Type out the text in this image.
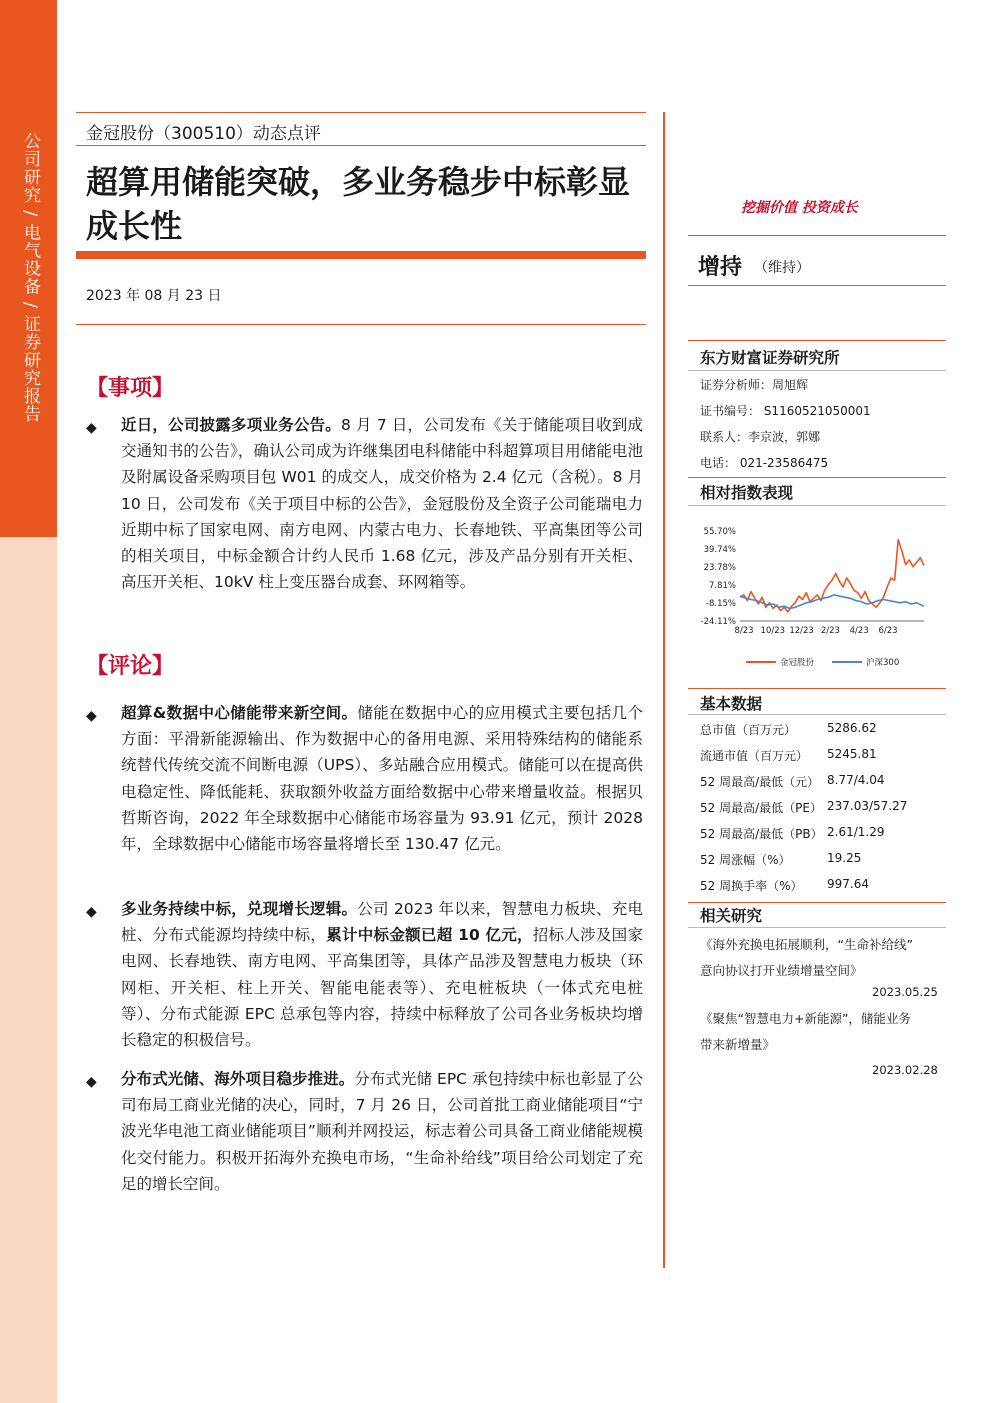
公司研究 / 电气设备 / 证券研究报告	金冠股份（300510）动态点评
超算用储能突破，多业务稳步中标彰显成长性
2023 年 08 月 23 日
【事项】
◆ 近日，公司披露多项业务公告。8 月 7 日，公司发布《关于储能项目收到成交通知书的公告》，确认公司成为许继集团电科储能中科超算项目用储能电池及附属设备采购项目包 W01 的成交人，成交价格为 2.4 亿元（含税）。8 月 10 日，公司发布《关于项目中标的公告》，金冠股份及全资子公司能瑞电力近期中标了国家电网、南方电网、内蒙古电力、长春地铁、平高集团等公司的相关项目，中标金额合计约人民币 1.68 亿元，涉及产品分别有开关柜、高压开关柜、10kV 柱上变压器台成套、环网箱等。
【评论】
◆ 超算&数据中心储能带来新空间。储能在数据中心的应用模式主要包括几个方面：平滑新能源输出、作为数据中心的备用电源、采用特殊结构的储能系统替代传统交流不间断电源（UPS）、多站融合应用模式。储能可以在提高供电稳定性、降低能耗、获取额外收益方面给数据中心带来增量收益。根据贝哲斯咨询，2022 年全球数据中心储能市场容量为 93.91 亿元，预计 2028 年，全球数据中心储能市场容量将增长至 130.47 亿元。
◆ 多业务持续中标，兑现增长逻辑。公司 2023 年以来，智慧电力板块、充电桩、分布式能源均持续中标，累计中标金额已超 10 亿元，招标人涉及国家电网、长春地铁、南方电网、平高集团等，具体产品涉及智慧电力板块（环网柜、开关柜、柱上开关、智能电能表等）、充电桩板块（一体式充电桩等）、分布式能源 EPC 总承包等内容，持续中标释放了公司各业务板块均增长稳定的积极信号。
◆ 分布式光储、海外项目稳步推进。分布式光储 EPC 承包持续中标也彰显了公司布局工商业光储的决心，同时，7 月 26 日，公司首批工商业储能项目“宁波光华电池工商业储能项目”顺利并网投运，标志着公司具备工商业储能规模化交付能力。积极开拓海外充换电市场，“生命补给线”项目给公司划定了充足的增长空间。
挖掘价值 投资成长
增持 （维持）
东方财富证券研究所
证券分析师：周旭辉
证书编号： S1160521050001
联系人：李京波，郭娜
电话： 021-23586475
相对指数表现
55.70%
39.74%
23.78%
7.81%
-8.15%
-24.11%
8/23 10/23 12/23 2/23 4/23 6/23
金冠股份	沪深300
基本数据
总市值（百万元）	5286.62
流通市值（百万元） 5245.81
52 周最高/最低（元） 8.77/4.04
52 周最高/最低（PE） 237.03/57.27
52 周最高/最低（PB） 2.61/1.29
52 周涨幅（%）	19.25
52 周换手率（%） 997.64
相关研究
《海外充换电拓展顺利，“生命补给线”
意向协议打开业绩增量空间》
2023.05.25
《聚焦“智慧电力+新能源”，储能业务
带来新增量》
2023.02.28
